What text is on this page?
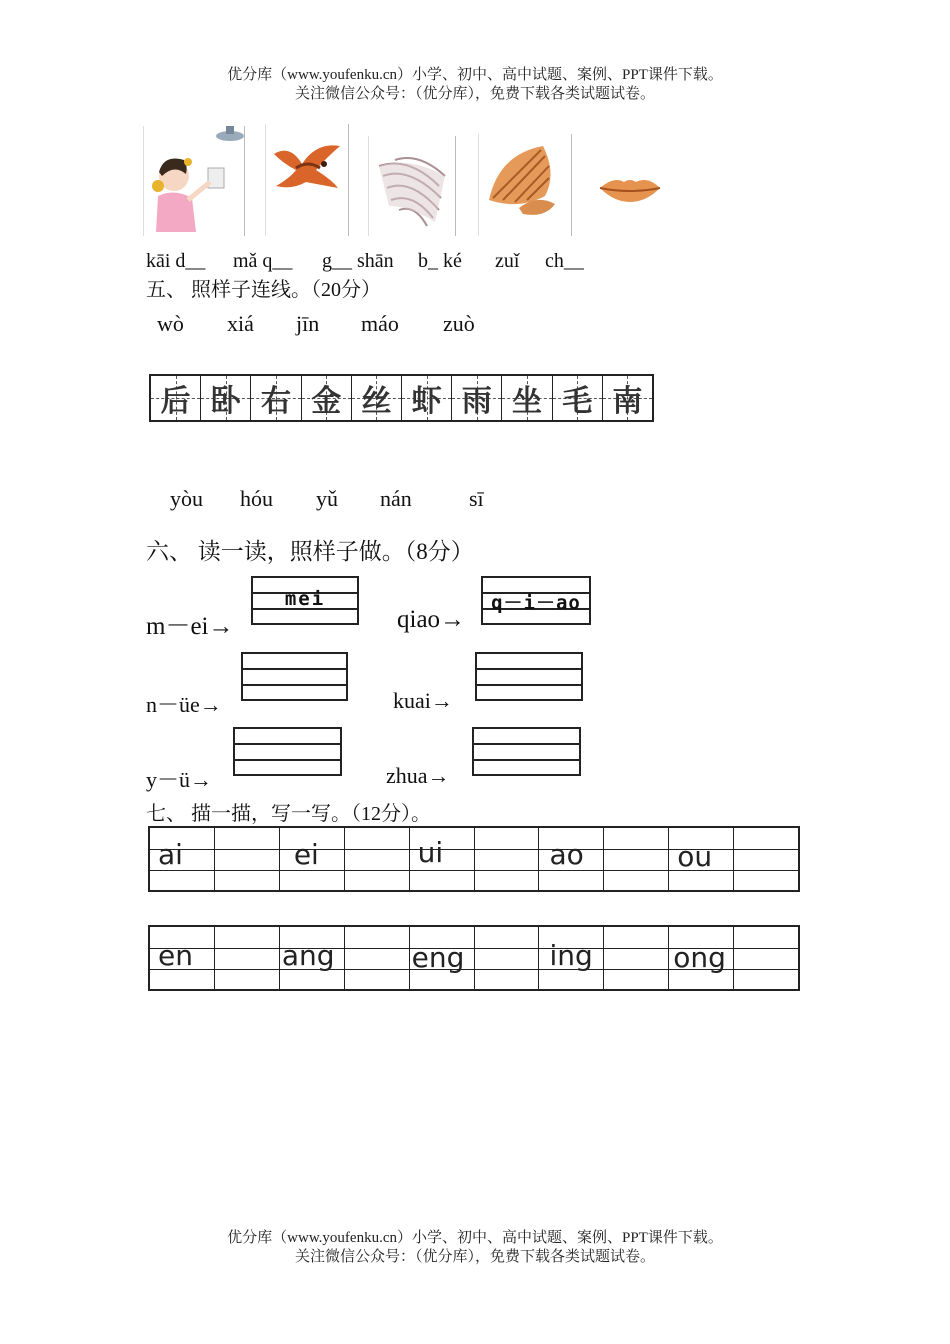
优分库（www.youfenku.cn）小学、初中、高中试题、案例、PPT课件下载。
关注微信公众号：（优分库），免费下载各类试题试卷。
kāi d__ mǎ q__ g__ shān b_ ké zuǐ ch__
五、 照样子连线。（20分）
wò xiá jīn máo zuò
后 卧 右 金 丝 虾 雨 坐 毛 南
yòu hóu yǔ nán	sī
六、 读一读，照样子做。（8分）
m－ei→
mei
qiao→
q－i－ao
n－üe→	kuai→
y－ü→	zhua→
七、 描一描，写一写。（12分）。
ai	ei	ui	ao	ou
en	ang	eng	ing	ong
优分库（www.youfenku.cn）小学、初中、高中试题、案例、PPT课件下载。
关注微信公众号：（优分库），免费下载各类试题试卷。
